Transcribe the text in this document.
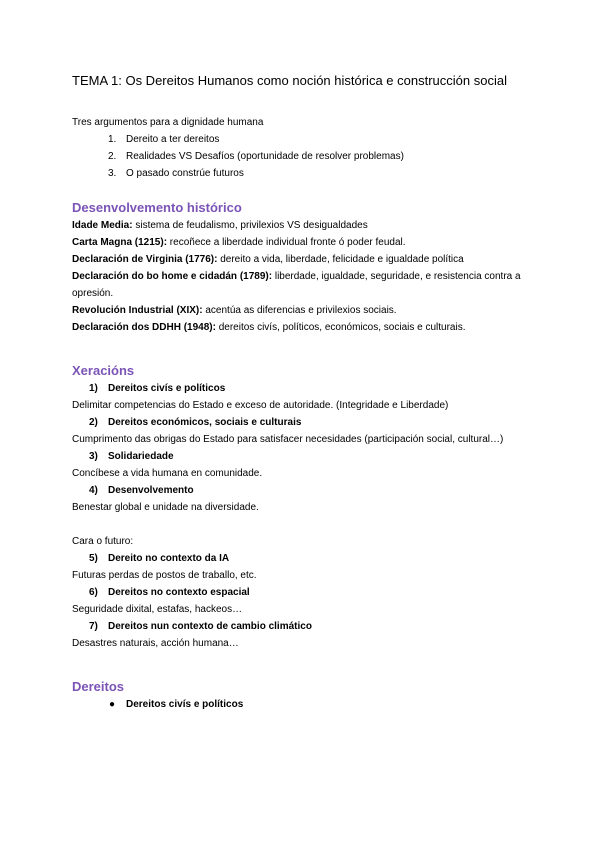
TEMA 1: Os Dereitos Humanos como noción histórica e construcción social

Tres argumentos para a dignidade humana

1. Dereito a ter dereitos
2. Realidades VS Desafíos (oportunidade de resolver problemas)
3. O pasado constrúe futuros
Desenvolvemento histórico

Idade Media: sistema de feudalismo, privilexios VS desigualdades

Carta Magna (1215): recoñece a liberdade individual fronte ó poder feudal.

Declaración de Virginia (1776): dereito a vida, liberdade, felicidade e igualdade política

Declaración do bo home e cidadán (1789): liberdade, igualdade, seguridade, e resistencia contra a opresión.

Revolución Industrial (XIX): acentúa as diferencias e privilexios sociais.

Declaración dos DDHH (1948): dereitos civís, políticos, económicos, sociais e culturais.

Xeracións
1) Dereitos civís e políticos

Delimitar competencias do Estado e exceso de autoridade. (Integridade e Liberdade)

2) Dereitos económicos, sociais e culturais

Cumprimento das obrigas do Estado para satisfacer necesidades (participación social, cultural…)

3) Solidariedade

Concíbese a vida humana en comunidade.

4) Desenvolvemento

Benestar global e unidade na diversidade.

Cara o futuro:

5) Dereito no contexto da IA

Futuras perdas de postos de traballo, etc.

6) Dereitos no contexto espacial

Seguridade dixital, estafas, hackeos…

7) Dereitos nun contexto de cambio climático

Desastres naturais, acción humana…

Dereitos
● Dereitos civís e políticos
